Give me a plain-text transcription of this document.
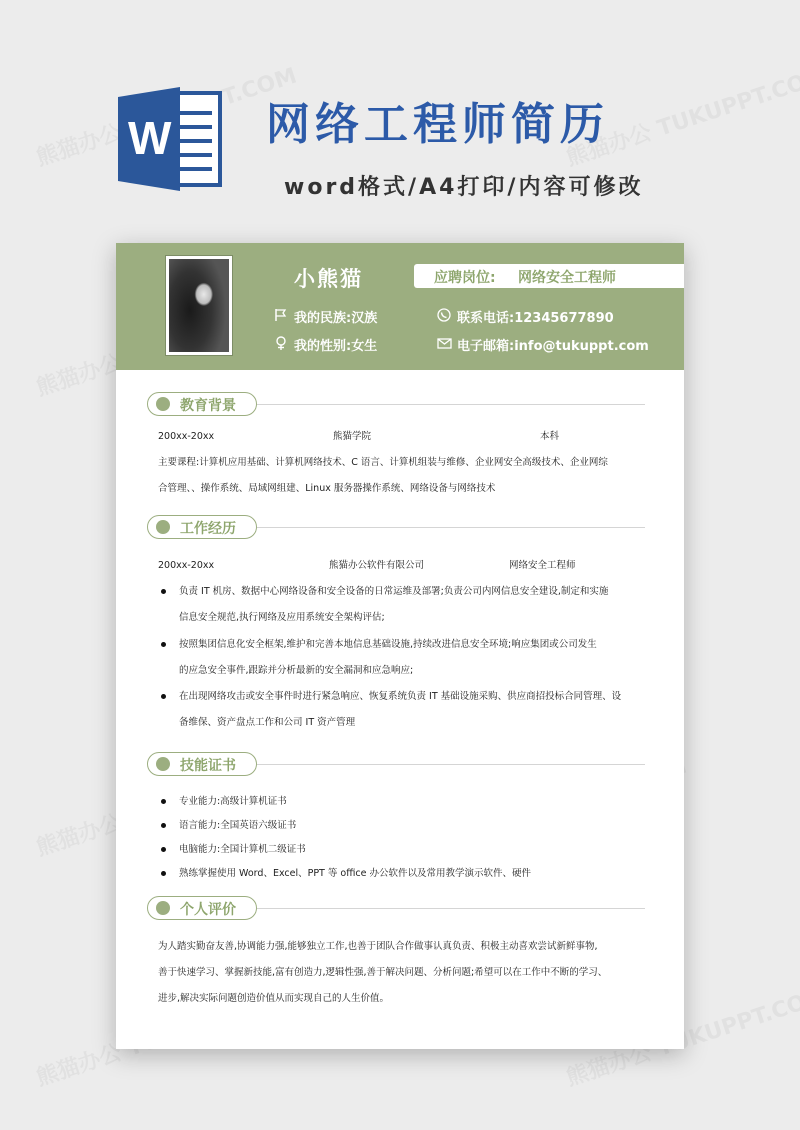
W 网络工程师简历
word格式/A4打印/内容可修改
小熊猫	应聘岗位: 网络安全工程师
我的民族:汉族
我的性别:女生
联系电话:12345677890
电子邮箱:info@tukuppt.com
教育背景
200xx-20xx	熊猫学院	本科
主要课程:计算机应用基础、计算机网络技术、C 语言、计算机组装与维修、企业网安全高级技术、企业网综
合管理、、操作系统、局域网组建、Linux 服务器操作系统、网络设备与网络技术
工作经历
200xx-20xx	熊猫办公软件有限公司	网络安全工程师
负责 IT 机房、数据中心网络设备和安全设备的日常运维及部署;负责公司内网信息安全建设,制定和实施
信息安全规范,执行网络及应用系统安全架构评估;
按照集团信息化安全框架,维护和完善本地信息基础设施,持续改进信息安全环境;响应集团或公司发生
的应急安全事件,跟踪并分析最新的安全漏洞和应急响应;
在出现网络攻击或安全事件时进行紧急响应、恢复系统负责 IT 基础设施采购、供应商招投标合同管理、设
备维保、资产盘点工作和公司 IT 资产管理
技能证书
专业能力:高级计算机证书
语言能力:全国英语六级证书
电脑能力:全国计算机二级证书
熟练掌握使用 Word、Excel、PPT 等 office 办公软件以及常用教学演示软件、硬件
个人评价
为人踏实勤奋友善,协调能力强,能够独立工作,也善于团队合作做事认真负责、积极主动喜欢尝试新鲜事物,
善于快速学习、掌握新技能,富有创造力,逻辑性强,善于解决问题、分析问题;希望可以在工作中不断的学习、
进步,解决实际问题创造价值从而实现自己的人生价值。
